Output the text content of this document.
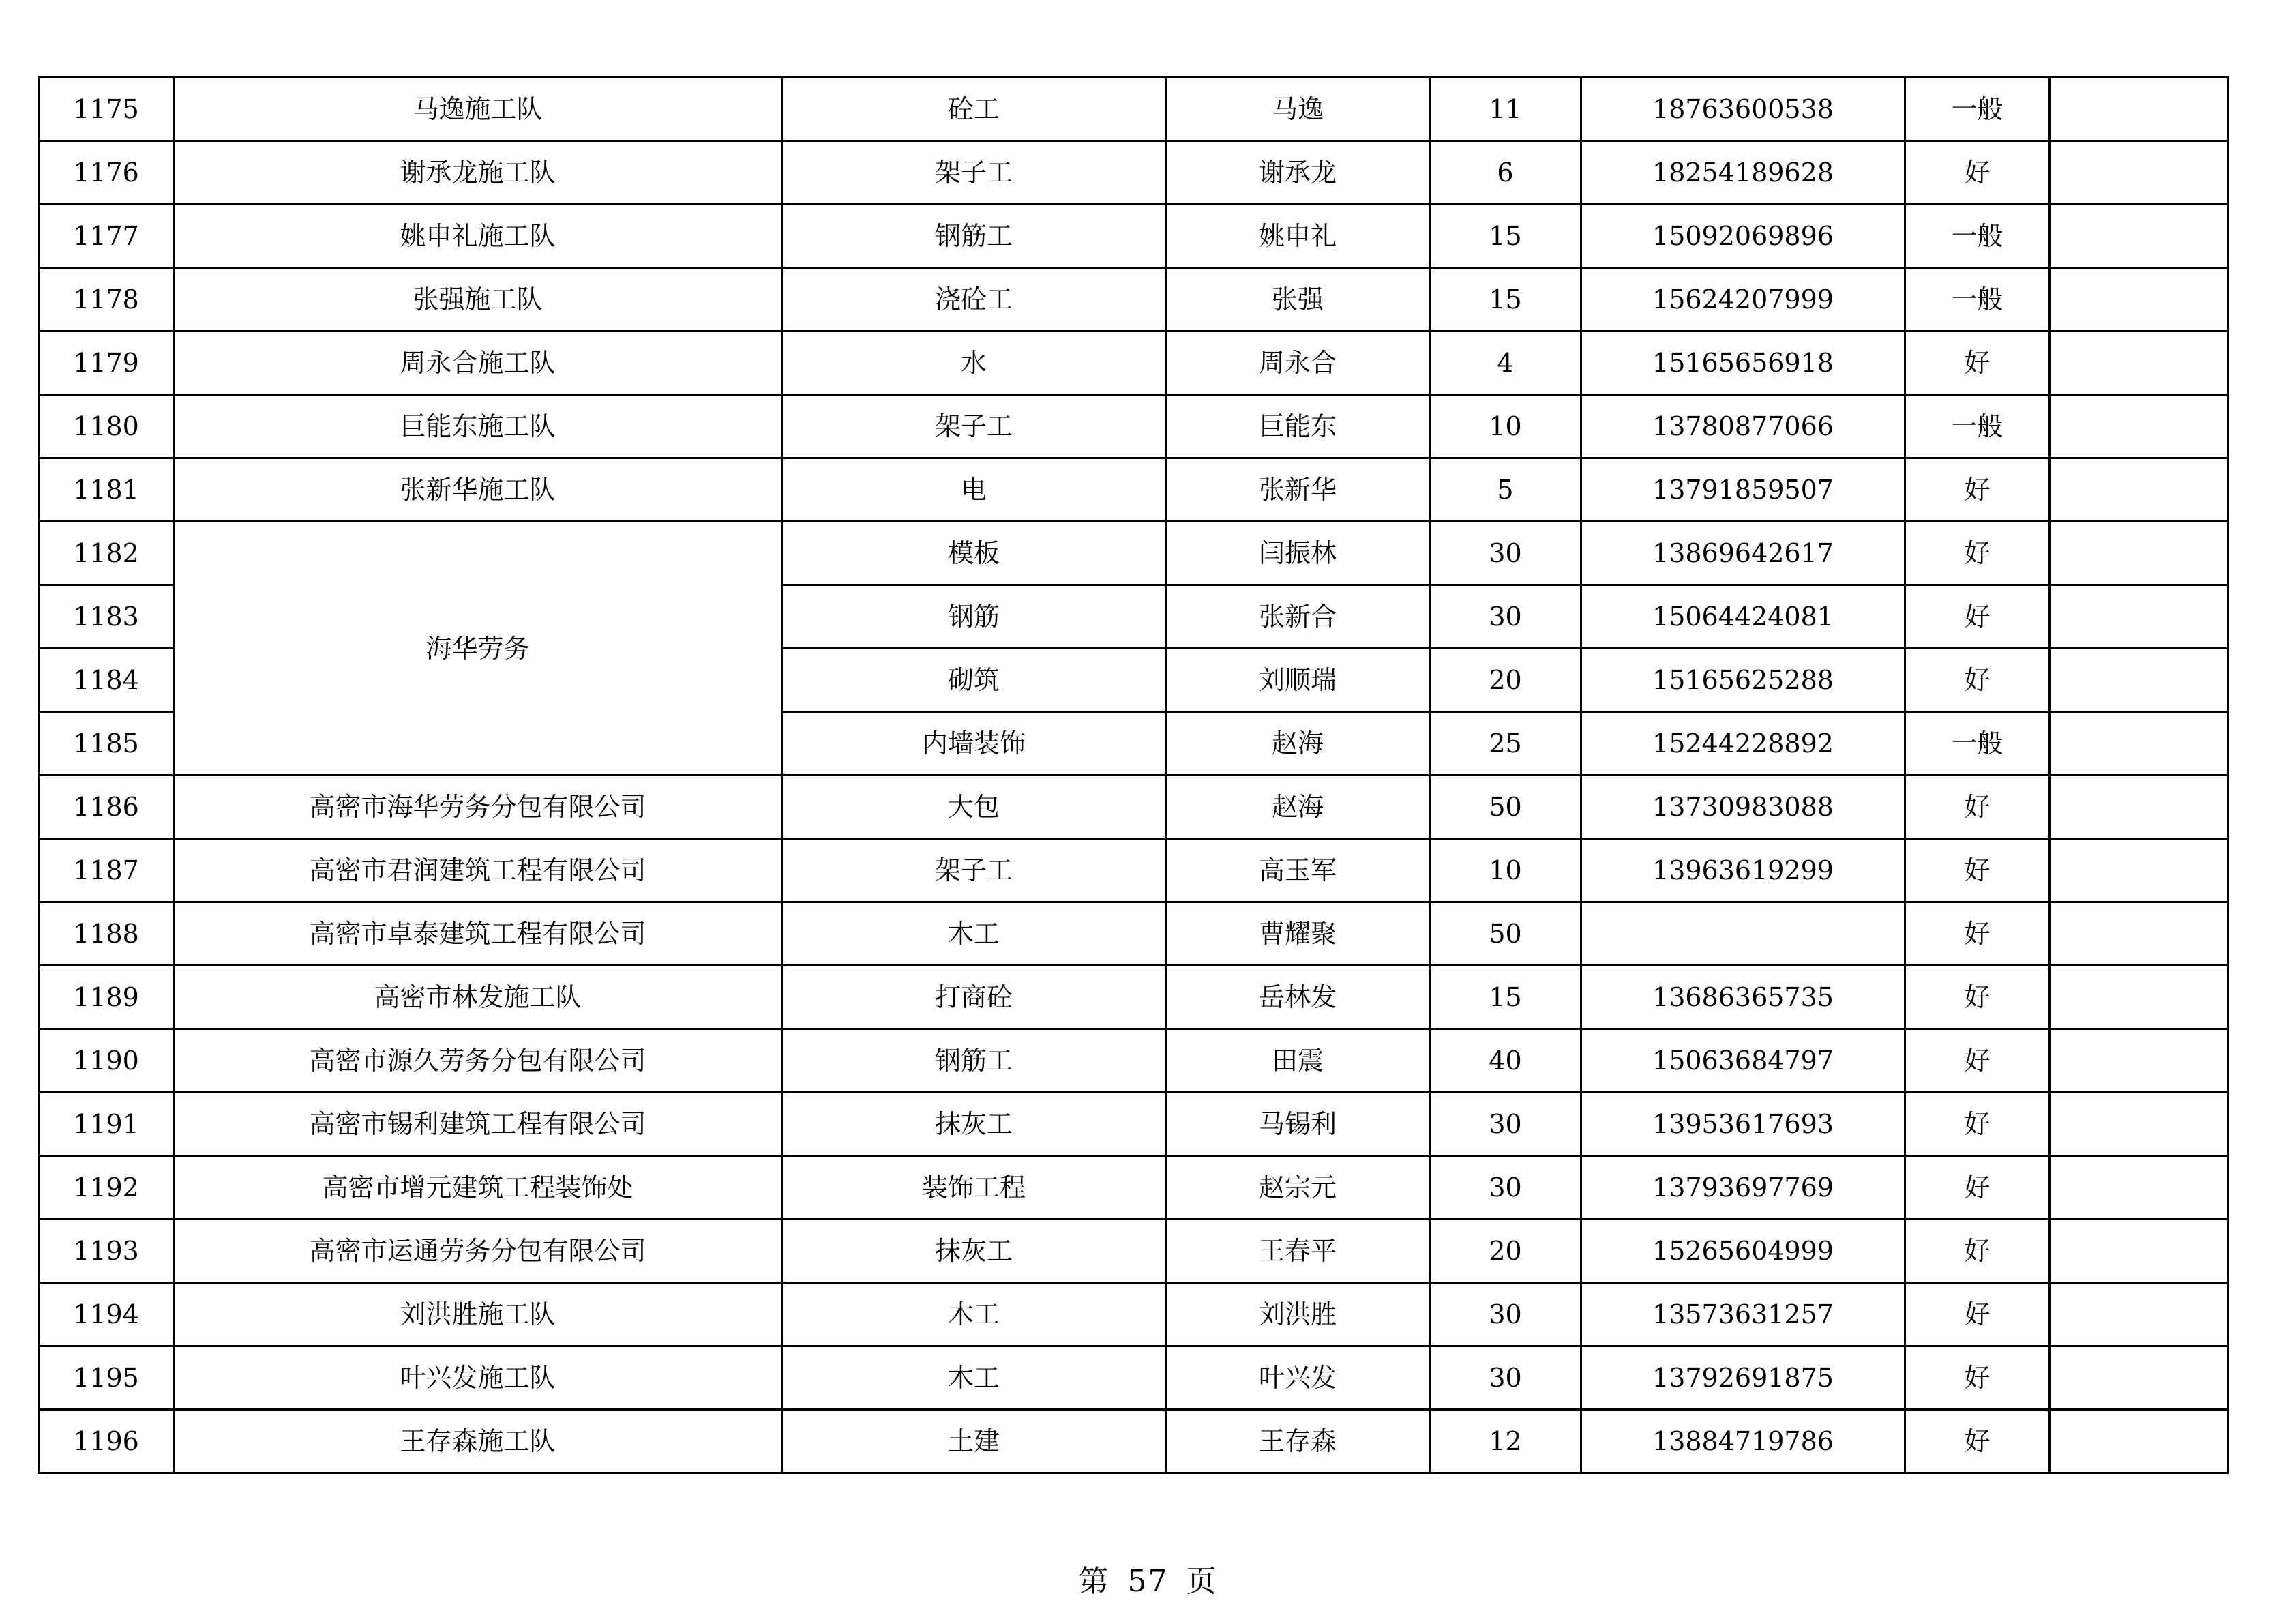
1175	马逸施工队	砼工	马逸	11	18763600538	一般	
1176	谢承龙施工队	架子工	谢承龙	6	18254189628	好	
1177	姚申礼施工队	钢筋工	姚申礼	15	15092069896	一般	
1178	张强施工队	浇砼工	张强	15	15624207999	一般	
1179	周永合施工队	水	周永合	4	15165656918	好	
1180	巨能东施工队	架子工	巨能东	10	13780877066	一般	
1181	张新华施工队	电	张新华	5	13791859507	好	
1182	海华劳务	模板	闫振林	30	13869642617	好	
1183		钢筋	张新合	30	15064424081	好	
1184		砌筑	刘顺瑞	20	15165625288	好	
1185		内墙装饰	赵海	25	15244228892	一般	
1186	高密市海华劳务分包有限公司	大包	赵海	50	13730983088	好	
1187	高密市君润建筑工程有限公司	架子工	高玉军	10	13963619299	好	
1188	高密市卓泰建筑工程有限公司	木工	曹耀聚	50		好	
1189	高密市林发施工队	打商砼	岳林发	15	13686365735	好	
1190	高密市源久劳务分包有限公司	钢筋工	田震	40	15063684797	好	
1191	高密市锡利建筑工程有限公司	抹灰工	马锡利	30	13953617693	好	
1192	高密市增元建筑工程装饰处	装饰工程	赵宗元	30	13793697769	好	
1193	高密市运通劳务分包有限公司	抹灰工	王春平	20	15265604999	好	
1194	刘洪胜施工队	木工	刘洪胜	30	13573631257	好	
1195	叶兴发施工队	木工	叶兴发	30	13792691875	好	
1196	王存森施工队	土建	王存森	12	13884719786	好	
第 57 页
